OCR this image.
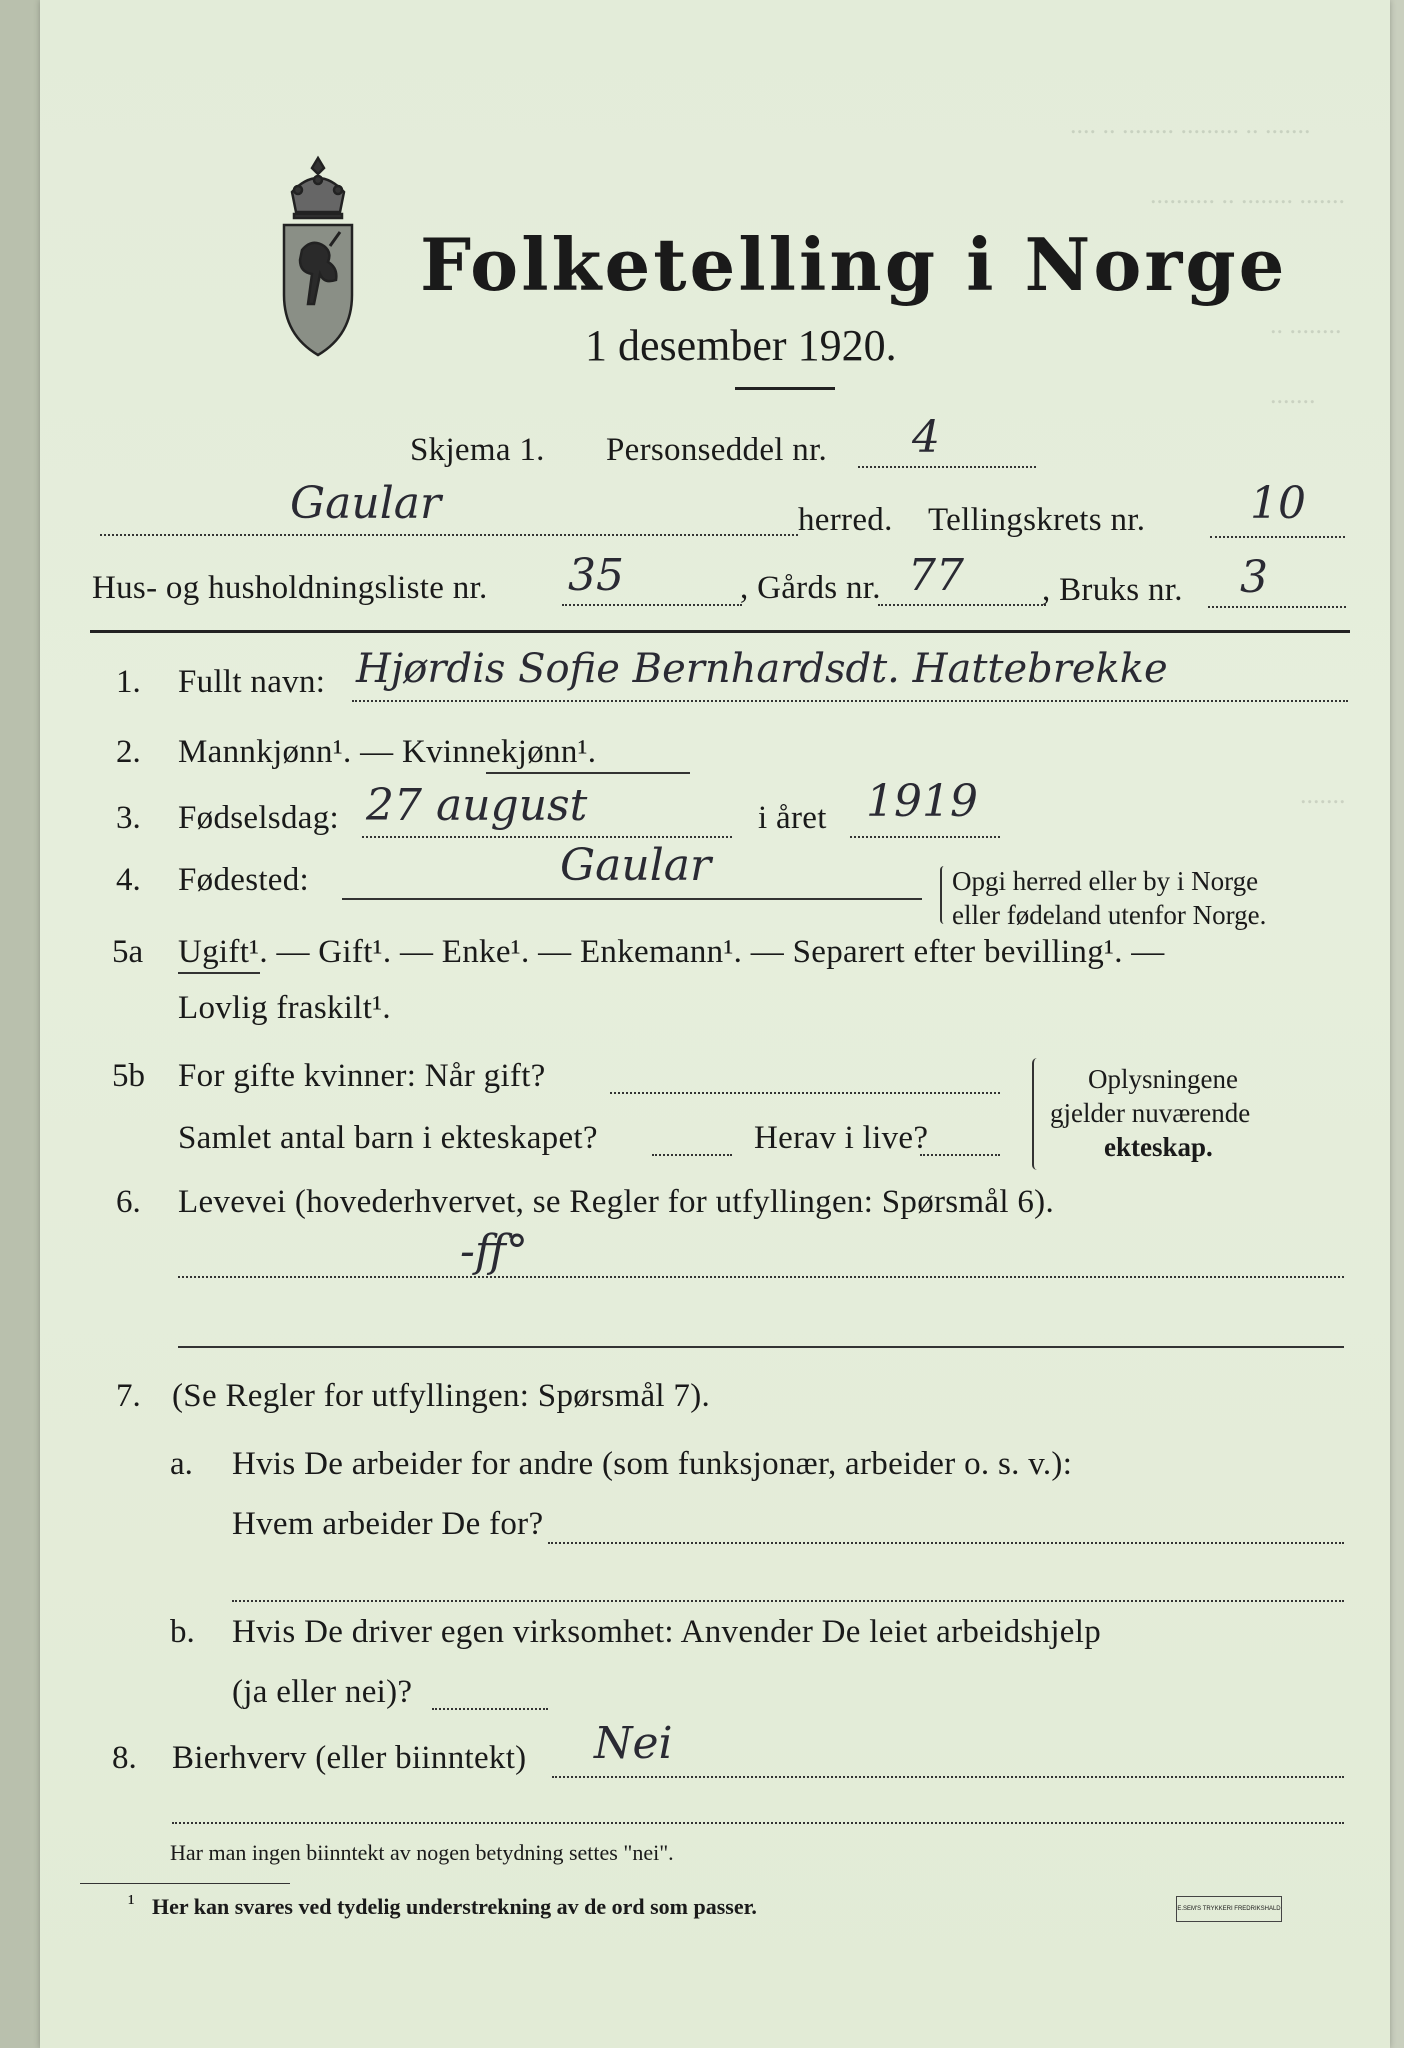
.... .. ........ ......... .. .......
.......... .. ........ .......
.. ........
.......
.......
Folketelling i Norge
1 desember 1920.
Skjema 1. Personseddel nr. 4
Gaular	herred. Tellingskrets nr. 10
Hus- og husholdningsliste nr. 35	, Gårds nr. 77 , Bruks nr. 3
1. Fullt navn: Hjørdis Sofie Bernhardsdt. Hattebrekke
2. Mannkjønn¹. — Kvinnekjønn¹.
3. Fødselsdag: 27 august	i året 1919
4. Fødested:	Gaular	Opgi herred eller by i Norge
eller fødeland utenfor Norge.
5a Ugift¹. — Gift¹. — Enke¹. — Enkemann¹. — Separert efter bevilling¹. —
Lovlig fraskilt¹.
5b For gifte kvinner: Når gift?
Samlet antal barn i ekteskapet?	Herav i live?
Oplysningene
gjelder nuværende
ekteskap.
6. Levevei (hovederhvervet, se Regler for utfyllingen: Spørsmål 6).
-ff°
7. (Se Regler for utfyllingen: Spørsmål 7).
a. Hvis De arbeider for andre (som funksjonær, arbeider o. s. v.):
Hvem arbeider De for?
b. Hvis De driver egen virksomhet: Anvender De leiet arbeidshjelp
(ja eller nei)?
8. Bierhverv (eller biinntekt) Nei
Har man ingen biinntekt av nogen betydning settes "nei".
¹ Her kan svares ved tydelig understrekning av de ord som passer.	E.SEM'S TRYKKERI FREDRIKSHALD
